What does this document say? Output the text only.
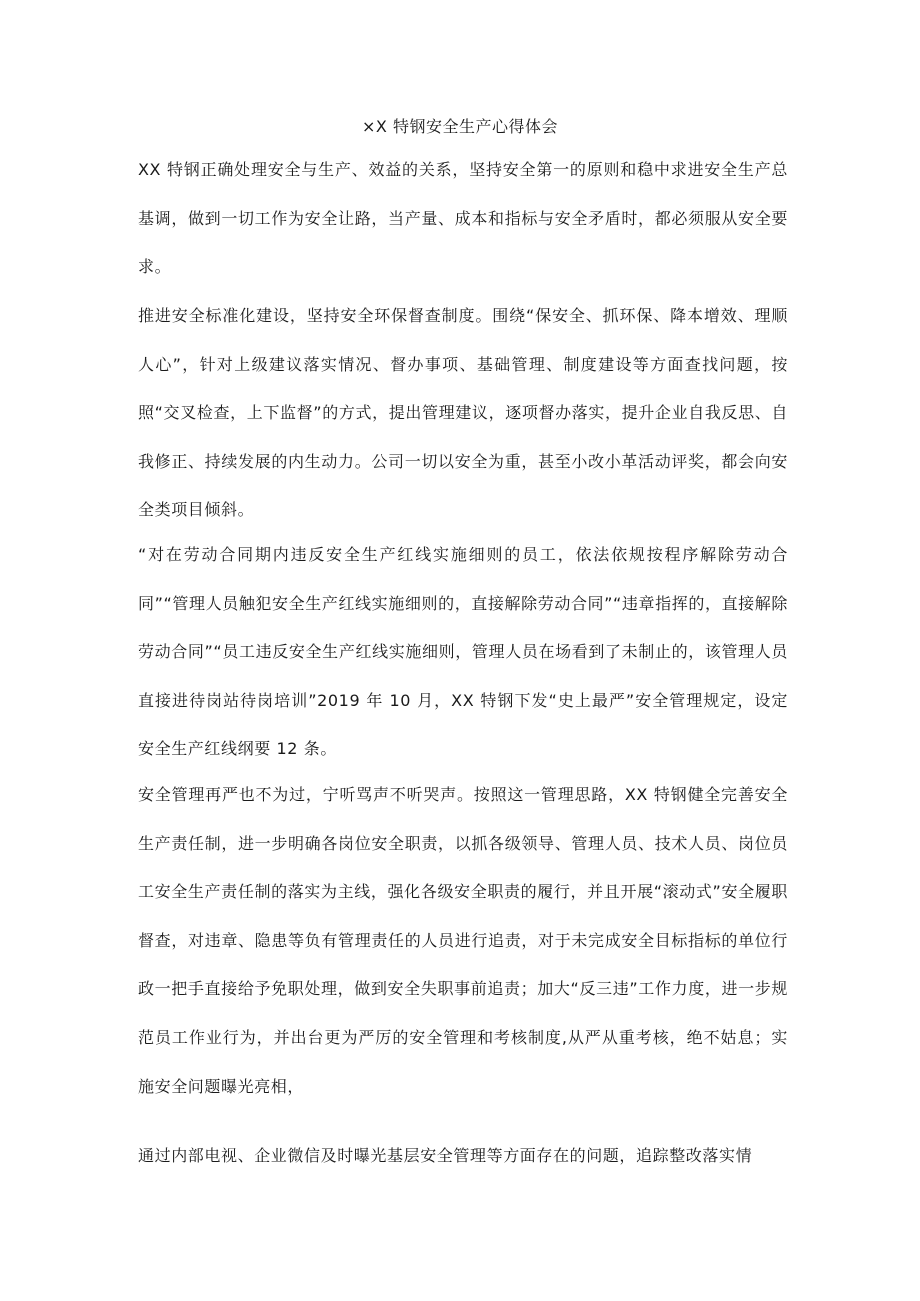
×X 特钢安全生产心得体会

XX 特钢正确处理安全与生产、效益的关系，坚持安全第一的原则和稳中求进安全生产总基调，做到一切工作为安全让路，当产量、成本和指标与安全矛盾时，都必须服从安全要求。

推进安全标准化建设，坚持安全环保督查制度。围绕“保安全、抓环保、降本增效、理顺人心”，针对上级建议落实情况、督办事项、基础管理、制度建设等方面查找问题，按照“交叉检查，上下监督”的方式，提出管理建议，逐项督办落实，提升企业自我反思、自我修正、持续发展的内生动力。公司一切以安全为重，甚至小改小革活动评奖，都会向安全类项目倾斜。

“对在劳动合同期内违反安全生产红线实施细则的员工，依法依规按程序解除劳动合同”“管理人员触犯安全生产红线实施细则的，直接解除劳动合同”“违章指挥的，直接解除劳动合同”“员工违反安全生产红线实施细则，管理人员在场看到了未制止的，该管理人员直接进待岗站待岗培训”2019 年 10 月，XX 特钢下发“史上最严”安全管理规定，设定安全生产红线纲要 12 条。

安全管理再严也不为过，宁听骂声不听哭声。按照这一管理思路，XX 特钢健全完善安全生产责任制，进一步明确各岗位安全职责，以抓各级领导、管理人员、技术人员、岗位员工安全生产责任制的落实为主线，强化各级安全职责的履行，并且开展“滚动式”安全履职督查，对违章、隐患等负有管理责任的人员进行追责，对于未完成安全目标指标的单位行政一把手直接给予免职处理，做到安全失职事前追责；加大“反三违”工作力度，进一步规范员工作业行为，并出台更为严厉的安全管理和考核制度,从严从重考核，绝不姑息；实施安全问题曝光亮相，

通过内部电视、企业微信及时曝光基层安全管理等方面存在的问题，追踪整改落实情
